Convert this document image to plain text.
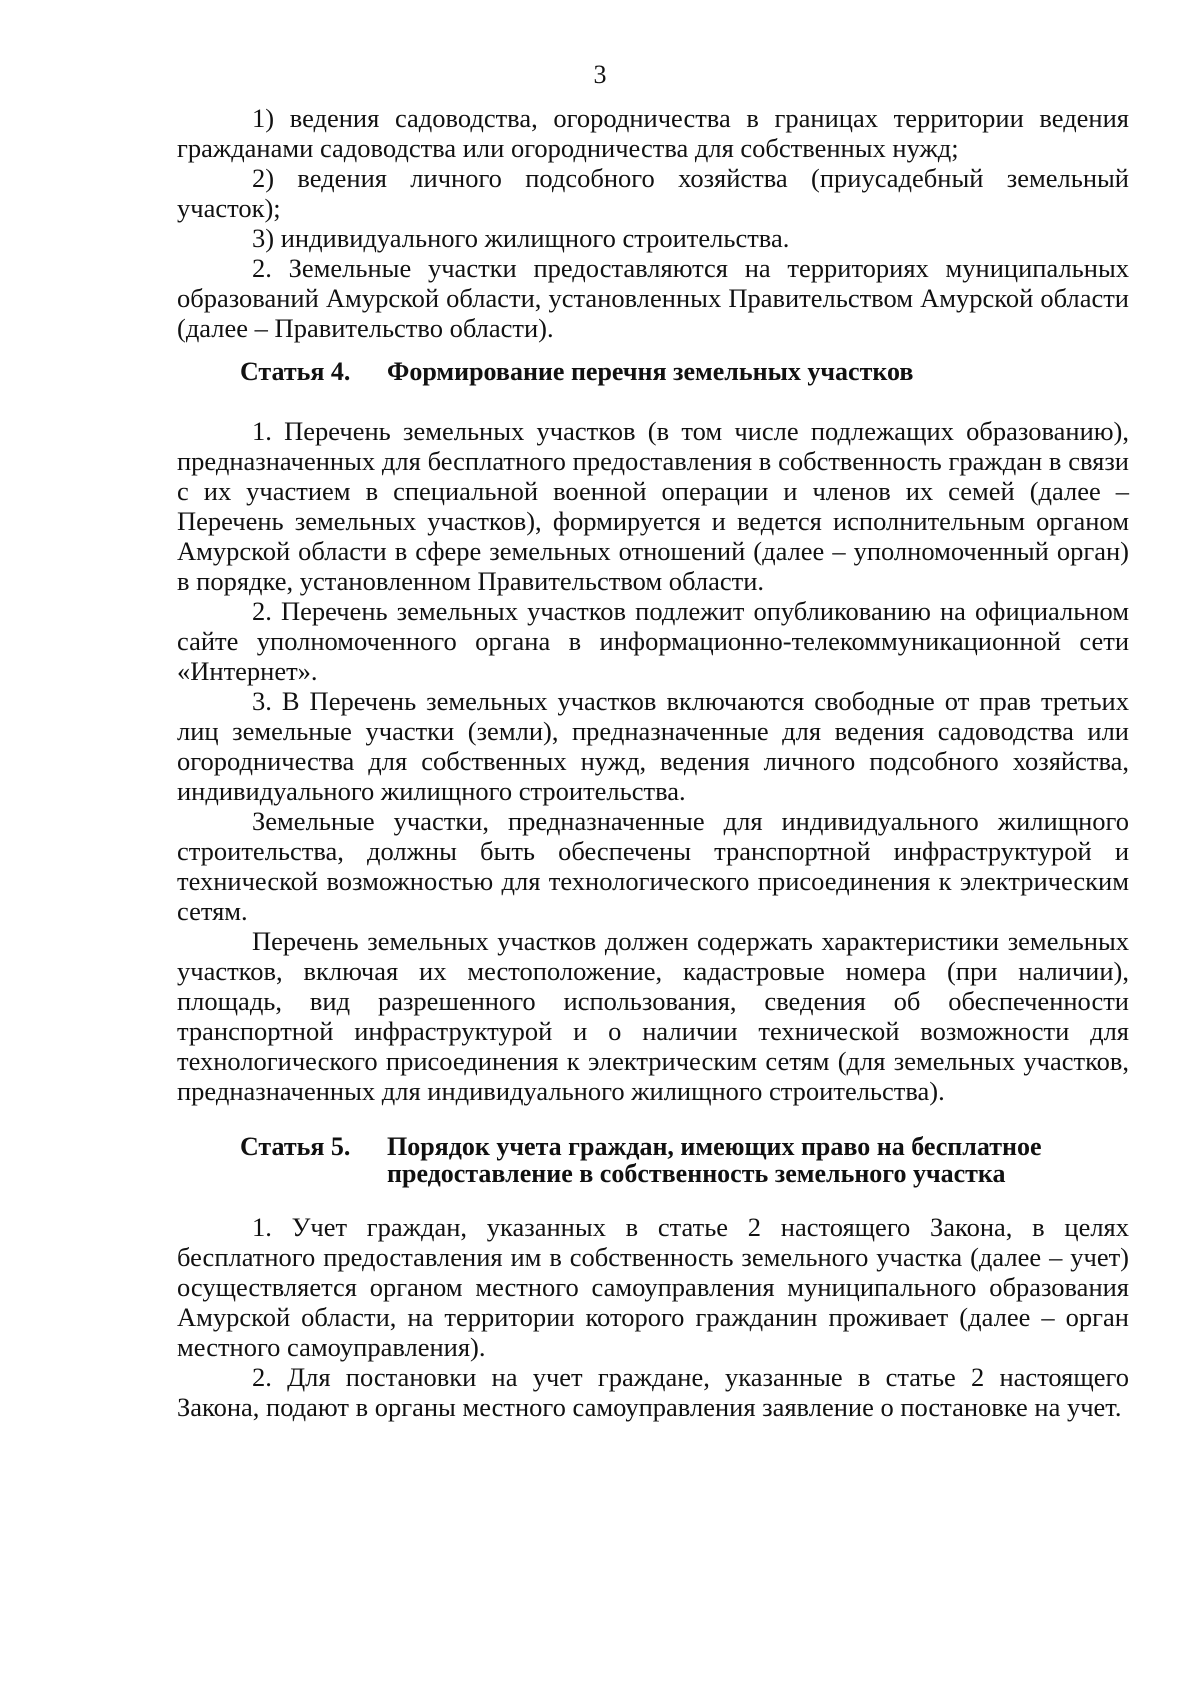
3

1) ведения садоводства, огородничества в границах территории ведения гражданами садоводства или огородничества для собственных нужд;

2) ведения личного подсобного хозяйства (приусадебный земельный участок);

3) индивидуального жилищного строительства.

2. Земельные участки предоставляются на территориях муниципальных образований Амурской области, установленных Правительством Амурской области (далее – Правительство области).

Статья 4.	Формирование перечня земельных участков

1. Перечень земельных участков (в том числе подлежащих образованию), предназначенных для бесплатного предоставления в собственность граждан в связи с их участием в специальной военной операции и членов их семей (далее – Перечень земельных участков), формируется и ведется исполнительным органом Амурской области в сфере земельных отношений (далее – уполномоченный орган) в порядке, установленном Правительством области.

2. Перечень земельных участков подлежит опубликованию на официальном сайте уполномоченного органа в информационно-телекоммуникационной сети «Интернет».

3. В Перечень земельных участков включаются свободные от прав третьих лиц земельные участки (земли), предназначенные для ведения садоводства или огородничества для собственных нужд, ведения личного подсобного хозяйства, индивидуального жилищного строительства.

Земельные участки, предназначенные для индивидуального жилищного строительства, должны быть обеспечены транспортной инфраструктурой и технической возможностью для технологического присоединения к электрическим сетям.

Перечень земельных участков должен содержать характеристики земельных участков, включая их местоположение, кадастровые номера (при наличии), площадь, вид разрешенного использования, сведения об обеспеченности транспортной инфраструктурой и о наличии технической возможности для технологического присоединения к электрическим сетям (для земельных участков, предназначенных для индивидуального жилищного строительства).

Статья 5.	Порядок учета граждан, имеющих право на бесплатное предоставление в собственность земельного участка

1. Учет граждан, указанных в статье 2 настоящего Закона, в целях бесплатного предоставления им в собственность земельного участка (далее – учет) осуществляется органом местного самоуправления муниципального образования Амурской области, на территории которого гражданин проживает (далее – орган местного самоуправления).

2. Для постановки на учет граждане, указанные в статье 2 настоящего Закона, подают в органы местного самоуправления заявление о постановке на учет.
